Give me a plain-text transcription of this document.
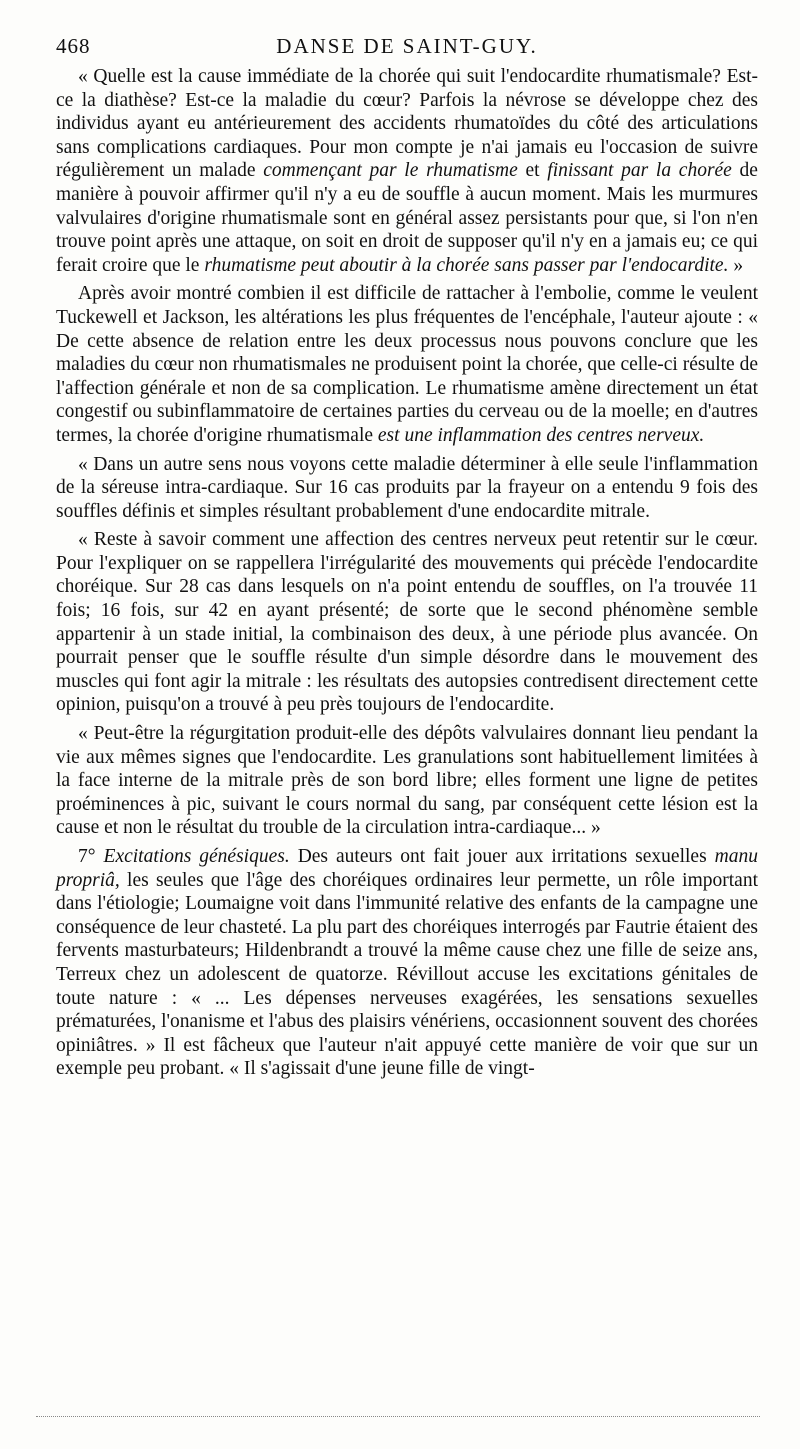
468	DANSE DE SAINT-GUY.

« Quelle est la cause immédiate de la chorée qui suit l'endocardite rhumatismale? Est-ce la diathèse? Est-ce la maladie du cœur? Parfois la névrose se développe chez des individus ayant eu antérieurement des accidents rhumatoïdes du côté des articulations sans complications cardiaques. Pour mon compte je n'ai jamais eu l'occasion de suivre régulièrement un malade commençant par le rhumatisme et finissant par la chorée de manière à pouvoir affirmer qu'il n'y a eu de souffle à aucun moment. Mais les murmures valvulaires d'origine rhumatismale sont en général assez persistants pour que, si l'on n'en trouve point après une attaque, on soit en droit de supposer qu'il n'y en a jamais eu; ce qui ferait croire que le rhumatisme peut aboutir à la chorée sans passer par l'endocardite. »

Après avoir montré combien il est difficile de rattacher à l'embolie, comme le veulent Tuckewell et Jackson, les altérations les plus fréquentes de l'encéphale, l'auteur ajoute : « De cette absence de relation entre les deux processus nous pouvons conclure que les maladies du cœur non rhumatismales ne produisent point la chorée, que celle-ci résulte de l'affection générale et non de sa complication. Le rhumatisme amène directement un état congestif ou subinflammatoire de certaines parties du cerveau ou de la moelle; en d'autres termes, la chorée d'origine rhumatismale est une inflammation des centres nerveux.

« Dans un autre sens nous voyons cette maladie déterminer à elle seule l'inflammation de la séreuse intra-cardiaque. Sur 16 cas produits par la frayeur on a entendu 9 fois des souffles définis et simples résultant probablement d'une endocardite mitrale.

« Reste à savoir comment une affection des centres nerveux peut retentir sur le cœur. Pour l'expliquer on se rappellera l'irrégularité des mouvements qui précède l'endocardite choréique. Sur 28 cas dans lesquels on n'a point entendu de souffles, on l'a trouvée 11 fois; 16 fois, sur 42 en ayant présenté; de sorte que le second phénomène semble appartenir à un stade initial, la combinaison des deux, à une période plus avancée. On pourrait penser que le souffle résulte d'un simple désordre dans le mouvement des muscles qui font agir la mitrale : les résultats des autopsies contredisent directement cette opinion, puisqu'on a trouvé à peu près toujours de l'endocardite.

« Peut-être la régurgitation produit-elle des dépôts valvulaires donnant lieu pendant la vie aux mêmes signes que l'endocardite. Les granulations sont habituellement limitées à la face interne de la mitrale près de son bord libre; elles forment une ligne de petites proéminences à pic, suivant le cours normal du sang, par conséquent cette lésion est la cause et non le résultat du trouble de la circulation intra-cardiaque... »

7° Excitations génésiques. Des auteurs ont fait jouer aux irritations sexuelles manu propriâ, les seules que l'âge des choréiques ordinaires leur permette, un rôle important dans l'étiologie; Loumaigne voit dans l'immunité relative des enfants de la campagne une conséquence de leur chasteté. La plu part des choréiques interrogés par Fautrie étaient des fervents masturbateurs; Hildenbrandt a trouvé la même cause chez une fille de seize ans, Terreux chez un adolescent de quatorze. Révillout accuse les excitations génitales de toute nature : « ... Les dépenses nerveuses exagérées, les sensations sexuelles prématurées, l'onanisme et l'abus des plaisirs vénériens, occasionnent souvent des chorées opiniâtres. » Il est fâcheux que l'auteur n'ait appuyé cette manière de voir que sur un exemple peu probant. « Il s'agissait d'une jeune fille de vingt-
